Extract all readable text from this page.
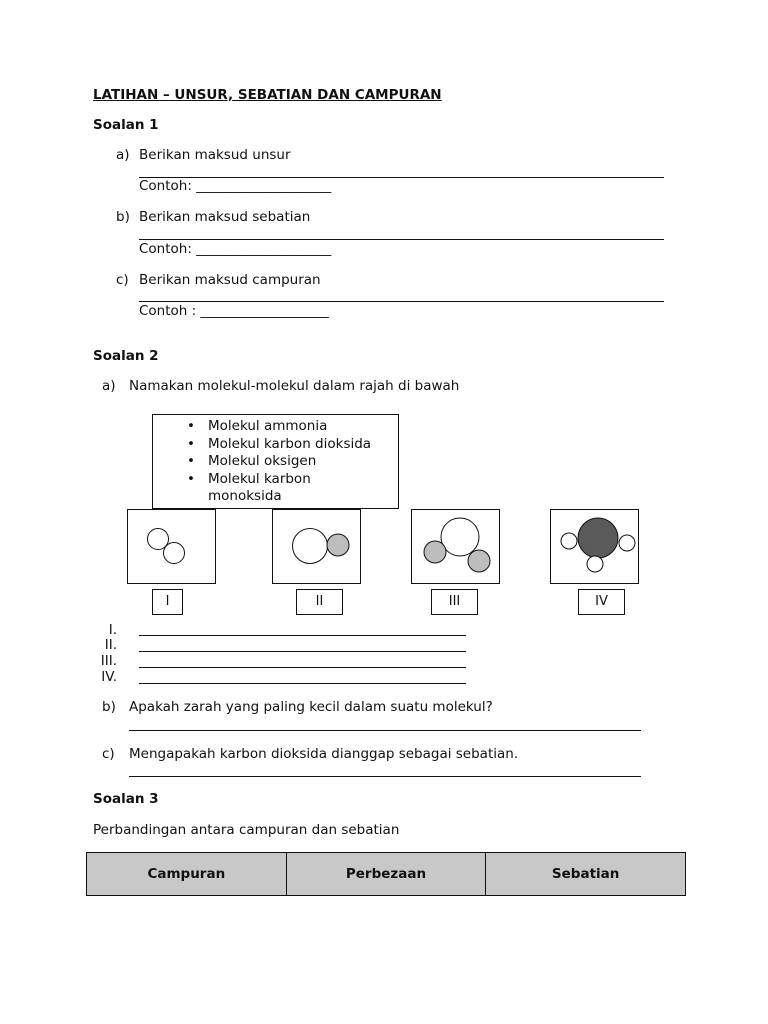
LATIHAN – UNSUR, SEBATIAN DAN CAMPURAN
Soalan 1
a) Berikan maksud unsur
Contoh: ____________________
b) Berikan maksud sebatian
Contoh: ____________________
c) Berikan maksud campuran
Contoh : ___________________
Soalan 2
a) Namakan molekul-molekul dalam rajah di bawah
• Molekul ammonia
• Molekul karbon dioksida
• Molekul oksigen
• Molekul karbon monoksida
I	II	III	IV
I.
II.
III.
IV.
b) Apakah zarah yang paling kecil dalam suatu molekul?
c) Mengapakah karbon dioksida dianggap sebagai sebatian.
Soalan 3
Perbandingan antara campuran dan sebatian
Campuran	Perbezaan	Sebatian
